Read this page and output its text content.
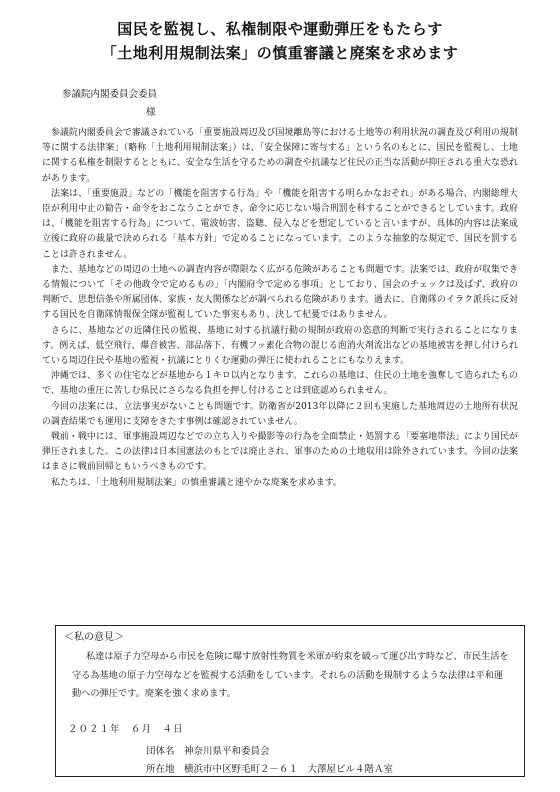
国民を監視し、私権制限や運動弾圧をもたらす
「土地利用規制法案」の慎重審議と廃案を求めます
参議院内閣委員会委員
様

参議院内閣委員会で審議されている「重要施設周辺及び国境離島等における土地等の利用状況の調査及び利用の規制等に関する法律案」（略称「土地利用規制法案」）は、「安全保障に寄与する」という名のもとに、国民を監視し、土地に関する私権を制限するとともに、安全な生活を守るための調査や抗議など住民の正当な活動が抑圧される重大な恐れがあります。

法案は、「重要施設」などの「機能を阻害する行為」や「機能を阻害する明らかなおそれ」がある場合、内閣総理大臣が利用中止の勧告・命令をおこなうことができ、命令に応じない場合刑罰を科することができるとしています。政府は、「機能を阻害する行為」について、電波妨害、盗聴、侵入などを想定していると言いますが、具体的内容は法案成立後に政府の裁量で決められる「基本方針」で定めることになっています。このような抽象的な規定で、国民を罰することは許されません。

また、基地などの周辺の土地への調査内容が際限なく広がる危険があることも問題です。法案では、政府が収集できる情報について「その他政令で定めるもの」「内閣府令で定める事項」としており、国会のチェックは及ばず、政府の判断で、思想信条や所属団体、家族・友人関係などが調べられる危険があります。過去に、自衛隊のイラク派兵に反対する国民を自衛隊情報保全隊が監視していた事実もあり、決して杞憂ではありません。

さらに、基地などの近隣住民の監視、基地に対する抗議行動の規制が政府の恣意的判断で実行されることになります。例えば、低空飛行、爆音被害、部品落下、有機フッ素化合物の混じる泡消火剤流出などの基地被害を押し付けられている周辺住民や基地の監視・抗議にとりくむ運動の弾圧に使われることにもなりえます。

沖縄では、多くの住宅などが基地から１キロ以内となります。これらの基地は、住民の土地を強奪して造られたもので、基地の重圧に苦しむ県民にさらなる負担を押し付けることは到底認められません。

今回の法案には、立法事実がないことも問題です。防衛省が2013年以降に２回も実施した基地周辺の土地所有状況の調査結果でも運用に支障をきたす事例は確認されていません。

戦前・戦中には、軍事施設周辺などでの立ち入りや撮影等の行為を全面禁止・処罰する「要塞地帯法」により国民が弾圧されました。この法律は日本国憲法のもとでは廃止され、軍事のための土地収用は除外されています。今回の法案はまさに戦前回帰ともいうべきものです。

私たちは、「土地利用規制法案」の慎重審議と速やかな廃案を求めます。

＜私の意見＞

私達は原子力空母から市民を危険に曝す放射性物質を米軍が約束を破って運び出す時など、市民生活を守る為基地の原子力空母などを監視する活動をしています。それらの活動を規制するような法律は平和運動への弾圧です。廃案を強く求めます。

２０２１年　６月　４日
団体名　神奈川県平和委員会
所在地　横浜市中区野毛町２－６１　大澤屋ビル４階Ａ室
